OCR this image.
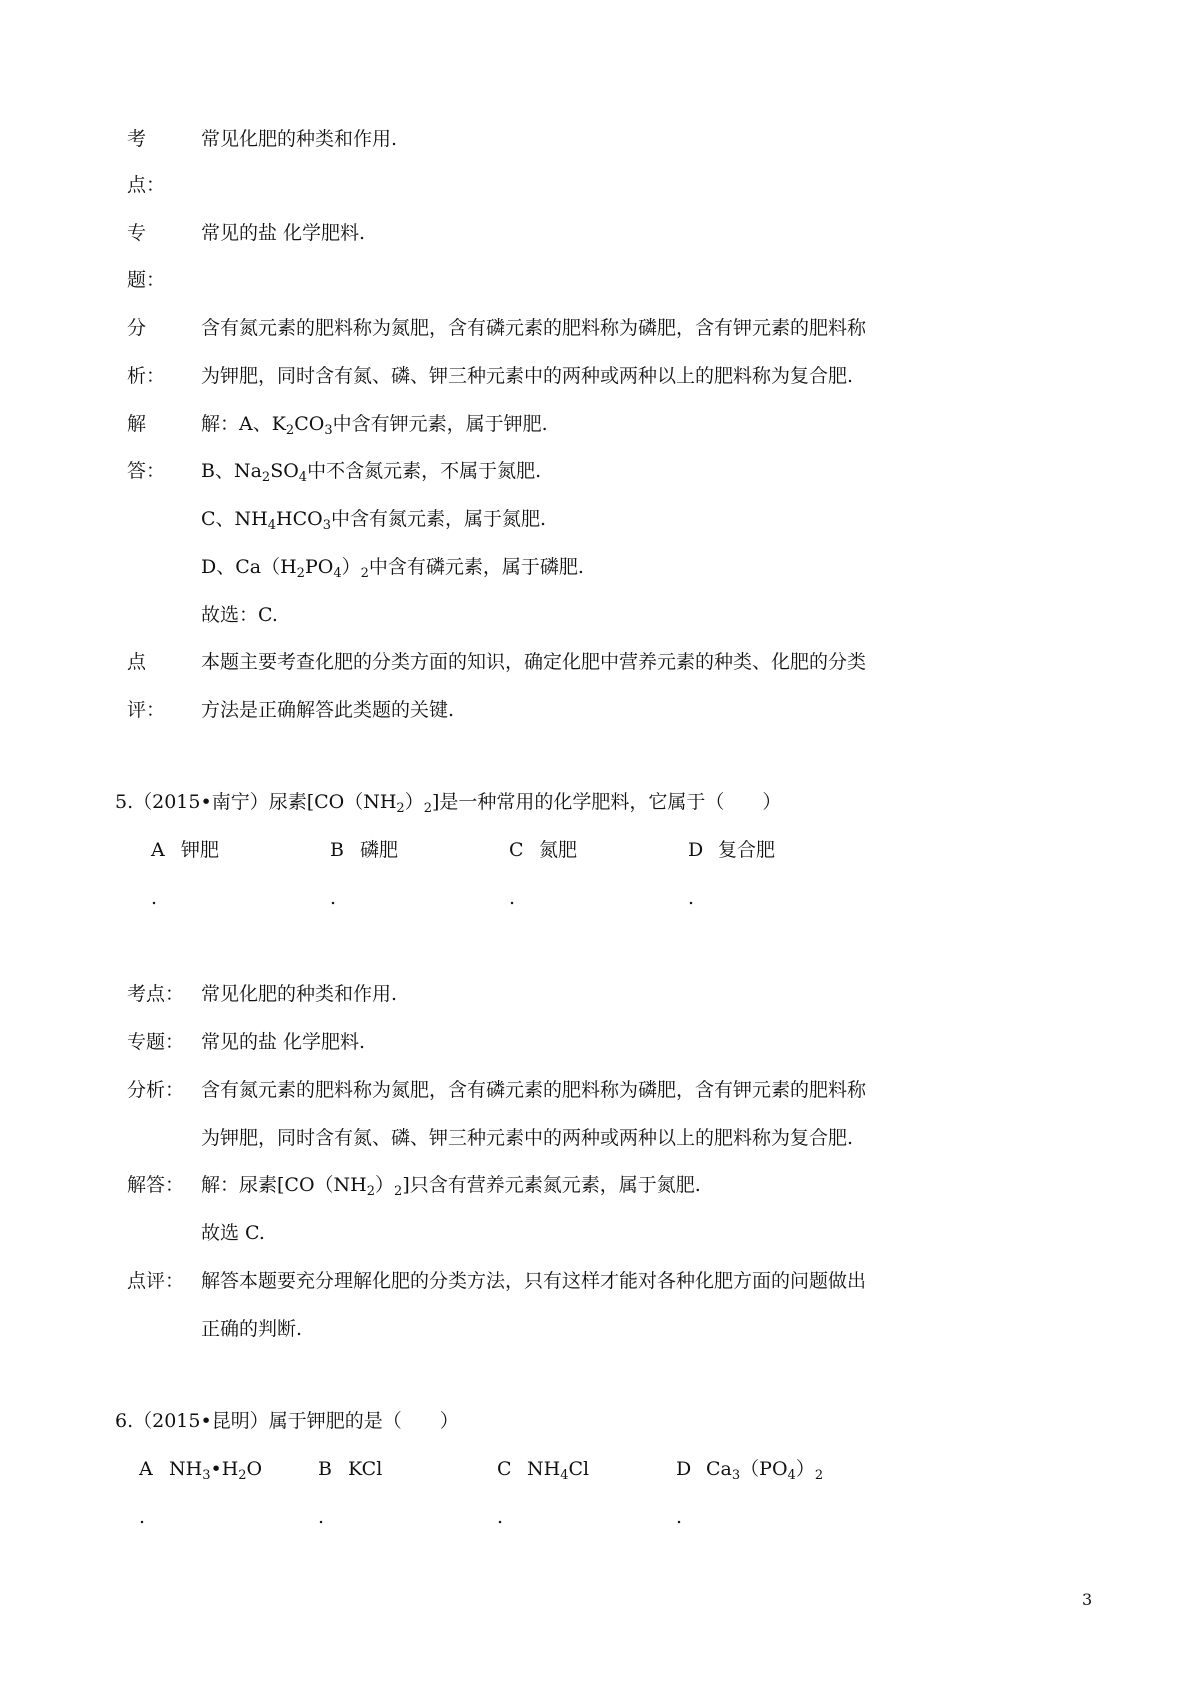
考	常见化肥的种类和作用.
点：
专	常见的盐 化学肥料.
题：
分	含有氮元素的肥料称为氮肥，含有磷元素的肥料称为磷肥，含有钾元素的肥料称
析： 为钾肥，同时含有氮、磷、钾三种元素中的两种或两种以上的肥料称为复合肥.
解	解：A、$K_2CO_3$中含有钾元素，属于钾肥.
答： B、$Na_2SO_4$中不含氮元素，不属于氮肥.
C、$NH_4HCO_3$中含有氮元素，属于氮肥.
D、$Ca(H_2PO_4)_2$中含有磷元素，属于磷肥.
故选：C.
点	本题主要考查化肥的分类方面的知识，确定化肥中营养元素的种类、化肥的分类
评： 方法是正确解答此类题的关键.
5.（2015•南宁）尿素$[CO(NH_2)_2]$是一种常用的化学肥料，它属于（　　）
A 钾肥	B 磷肥	C 氮肥	D 复合肥
.	.	.	.
考点： 常见化肥的种类和作用.
专题： 常见的盐 化学肥料.
分析： 含有氮元素的肥料称为氮肥，含有磷元素的肥料称为磷肥，含有钾元素的肥料称
为钾肥，同时含有氮、磷、钾三种元素中的两种或两种以上的肥料称为复合肥.
解答： 解：尿素$[CO(NH_2)_2]$只含有营养元素氮元素，属于氮肥.
故选 C.
点评： 解答本题要充分理解化肥的分类方法，只有这样才能对各种化肥方面的问题做出
正确的判断.
6.（2015•昆明）属于钾肥的是（　　）
A $NH_3•H_2O$	B KCl	C $NH_4Cl$	D $Ca_3(PO_4)_2$
.	.	.	.
3
